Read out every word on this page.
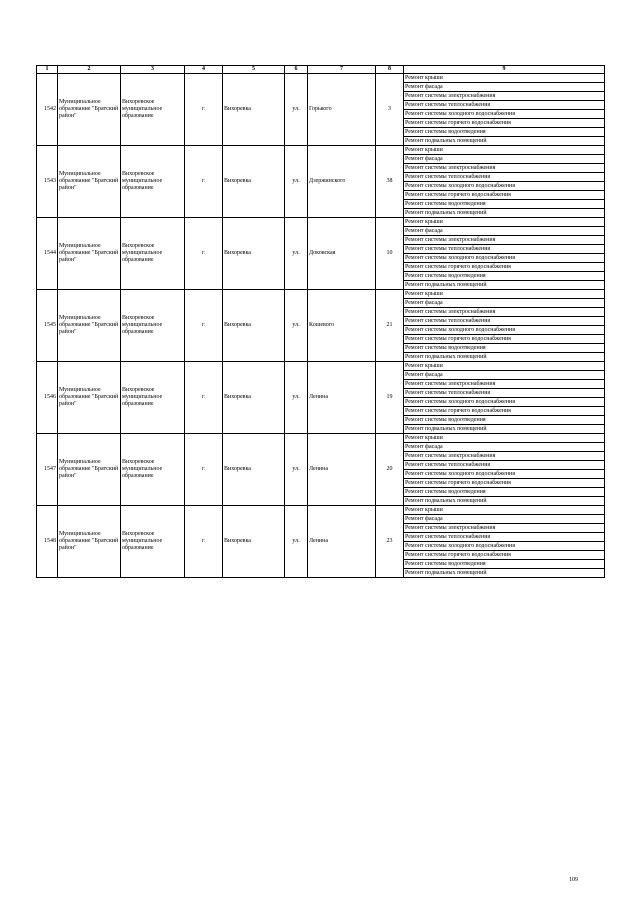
1	2	3	4	5	6	7	8	9
1542	Муниципальное образование "Братский район"	Вихоревское муниципальное образование	г.	Вихоревка	ул.	Горького	3	Ремонт крыши
								Ремонт фасада
								Ремонт системы электроснабжения
								Ремонт системы теплоснабжения
								Ремонт системы холодного водоснабжения
								Ремонт системы горячего водоснабжения
								Ремонт системы водоотведения
								Ремонт подвальных помещений
1543	Муниципальное образование "Братский район"	Вихоревское муниципальное образование	г.	Вихоревка	ул.	Дзержинского	38	Ремонт крыши
								Ремонт фасада
								Ремонт системы электроснабжения
								Ремонт системы теплоснабжения
								Ремонт системы холодного водоснабжения
								Ремонт системы горячего водоснабжения
								Ремонт системы водоотведения
								Ремонт подвальных помещений
1544	Муниципальное образование "Братский район"	Вихоревское муниципальное образование	г.	Вихоревка	ул.	Доковская	10	Ремонт крыши
								Ремонт фасада
								Ремонт системы электроснабжения
								Ремонт системы теплоснабжения
								Ремонт системы холодного водоснабжения
								Ремонт системы горячего водоснабжения
								Ремонт системы водоотведения
								Ремонт подвальных помещений
1545	Муниципальное образование "Братский район"	Вихоревское муниципальное образование	г.	Вихоревка	ул.	Кошевого	21	Ремонт крыши
								Ремонт фасада
								Ремонт системы электроснабжения
								Ремонт системы теплоснабжения
								Ремонт системы холодного водоснабжения
								Ремонт системы горячего водоснабжения
								Ремонт системы водоотведения
								Ремонт подвальных помещений
1546	Муниципальное образование "Братский район"	Вихоревское муниципальное образование	г.	Вихоревка	ул.	Ленина	19	Ремонт крыши
								Ремонт фасада
								Ремонт системы электроснабжения
								Ремонт системы теплоснабжения
								Ремонт системы холодного водоснабжения
								Ремонт системы горячего водоснабжения
								Ремонт системы водоотведения
								Ремонт подвальных помещений
1547	Муниципальное образование "Братский район"	Вихоревское муниципальное образование	г.	Вихоревка	ул.	Ленина	20	Ремонт крыши
								Ремонт фасада
								Ремонт системы электроснабжения
								Ремонт системы теплоснабжения
								Ремонт системы холодного водоснабжения
								Ремонт системы горячего водоснабжения
								Ремонт системы водоотведения
								Ремонт подвальных помещений
1548	Муниципальное образование "Братский район"	Вихоревское муниципальное образование	г.	Вихоревка	ул.	Ленина	23	Ремонт крыши
								Ремонт фасада
								Ремонт системы электроснабжения
								Ремонт системы теплоснабжения
								Ремонт системы холодного водоснабжения
								Ремонт системы горячего водоснабжения
								Ремонт системы водоотведения
								Ремонт подвальных помещений
109
